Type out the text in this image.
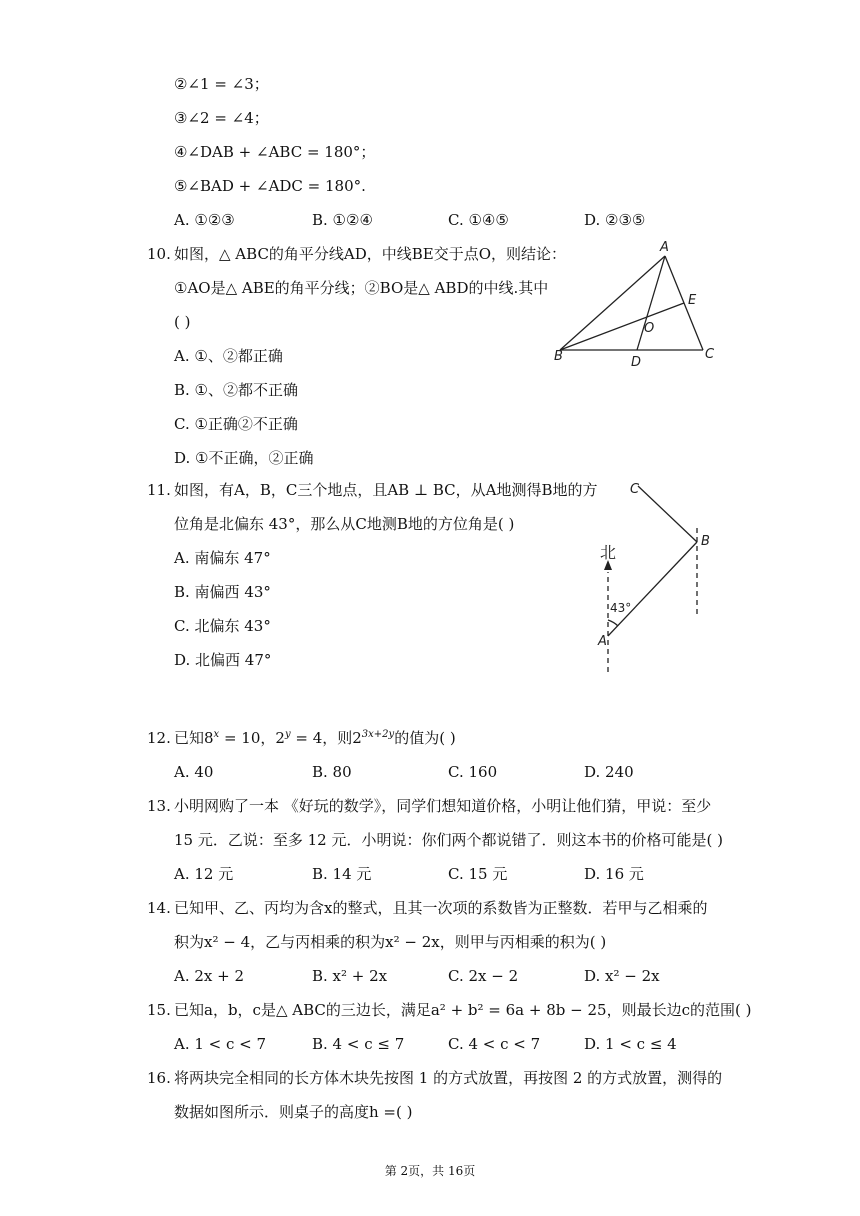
②∠1 = ∠3；
③∠2 = ∠4；
④∠DAB + ∠ABC = 180°；
⑤∠BAD + ∠ADC = 180°.
A. ①②③	B. ①②④	C. ①④⑤	D. ②③⑤
10. 如图，△ ABC的角平分线AD，中线BE交于点O，则结论：
①AO是△ ABE的角平分线；②BO是△ ABD的中线.其中
( )
A. ①、②都正确
B. ①、②都不正确
C. ①正确②不正确
D. ①不正确，②正确
A
B	C
D
E
O
11. 如图，有A，B，C三个地点，且AB ⊥ BC，从A地测得B地的方
位角是北偏东 43°，那么从C地测B地的方位角是( )
A. 南偏东 47°
B. 南偏西 43°
C. 北偏东 43°
D. 北偏西 47°
北
43°
A
B
C
12. 已知$8^x = 10$，$2^y = 4$，则$2^{3x+2y}$的值为( )
A. 40	B. 80	C. 160	D. 240
13. 小明网购了一本 《好玩的数学》，同学们想知道价格，小明让他们猜，甲说：至少
15 元．乙说：至多 12 元．小明说：你们两个都说错了．则这本书的价格可能是( )
A. 12 元	B. 14 元	C. 15 元	D. 16 元
14. 已知甲、乙、丙均为含x的整式，且其一次项的系数皆为正整数．若甲与乙相乘的
积为x² − 4，乙与丙相乘的积为x² − 2x，则甲与丙相乘的积为( )
A. 2x + 2	B. x² + 2x	C. 2x − 2	D. x² − 2x
15. 已知a，b，c是△ ABC的三边长，满足a² + b² = 6a + 8b − 25，则最长边c的范围( )
A. 1 < c < 7	B. 4 < c ≤ 7	C. 4 < c < 7	D. 1 < c ≤ 4
16. 将两块完全相同的长方体木块先按图 1 的方式放置，再按图 2 的方式放置，测得的
数据如图所示．则桌子的高度h =( )
第 2页，共 16页
